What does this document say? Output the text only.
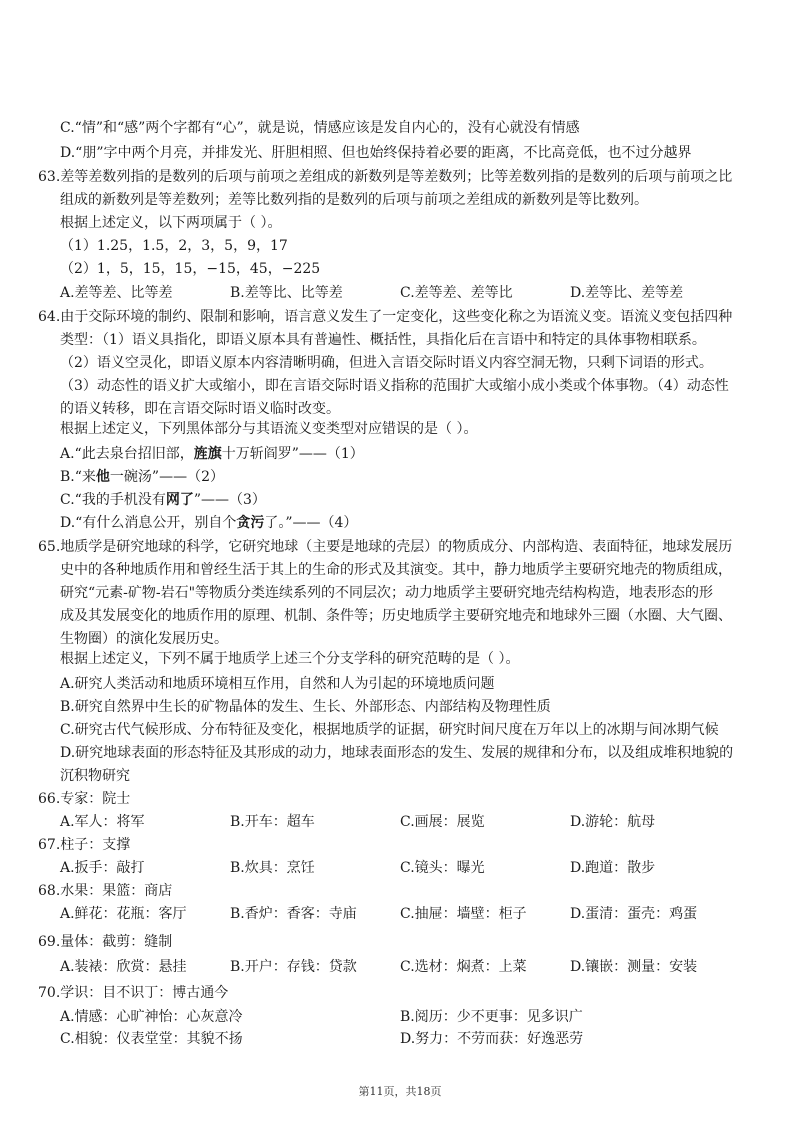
C.“情”和“感”两个字都有“心”，就是说，情感应该是发自内心的，没有心就没有情感
D.“朋”字中两个月亮，并排发光、肝胆相照、但也始终保持着必要的距离，不比高竞低，也不过分越界
63.差等差数列指的是数列的后项与前项之差组成的新数列是等差数列；比等差数列指的是数列的后项与前项之比
组成的新数列是等差数列；差等比数列指的是数列的后项与前项之差组成的新数列是等比数列。
根据上述定义，以下两项属于（ ）。
（1）1.25，1.5，2，3，5，9，17
（2）1，5，15，15，−15，45，−225
A.差等差、比等差	B.差等比、比等差	C.差等差、差等比	D.差等比、差等差
64.由于交际环境的制约、限制和影响，语言意义发生了一定变化，这些变化称之为语流义变。语流义变包括四种
类型：（1）语义具指化，即语义原本具有普遍性、概括性，具指化后在言语中和特定的具体事物相联系。
（2）语义空灵化，即语义原本内容清晰明确，但进入言语交际时语义内容空洞无物，只剩下词语的形式。
（3）动态性的语义扩大或缩小，即在言语交际时语义指称的范围扩大或缩小成小类或个体事物。（4）动态性
的语义转移，即在言语交际时语义临时改变。
根据上述定义，下列黑体部分与其语流义变类型对应错误的是（ ）。
A.“此去泉台招旧部，旌旗十万斩阎罗”——（1）
B.“来他一碗汤”——（2）
C.“我的手机没有网了”——（3）
D.“有什么消息公开，别自个贪污了。”——（4）
65.地质学是研究地球的科学，它研究地球（主要是地球的壳层）的物质成分、内部构造、表面特征，地球发展历
史中的各种地质作用和曾经生活于其上的生命的形式及其演变。其中，静力地质学主要研究地壳的物质组成，
研究“元素-矿物-岩石"等物质分类连续系列的不同层次；动力地质学主要研究地壳结构构造，地表形态的形
成及其发展变化的地质作用的原理、机制、条件等；历史地质学主要研究地壳和地球外三圈（水圈、大气圈、
生物圈）的演化发展历史。
根据上述定义，下列不属于地质学上述三个分支学科的研究范畴的是（ ）。
A.研究人类活动和地质环境相互作用，自然和人为引起的环境地质问题
B.研究自然界中生长的矿物晶体的发生、生长、外部形态、内部结构及物理性质
C.研究古代气候形成、分布特征及变化，根据地质学的证据，研究时间尺度在万年以上的冰期与间冰期气候
D.研究地球表面的形态特征及其形成的动力，地球表面形态的发生、发展的规律和分布，以及组成堆积地貌的
沉积物研究
66.专家：院士
A.军人：将军	B.开车：超车	C.画展：展览	D.游轮：航母
67.柱子：支撑
A.扳手：敲打	B.炊具：烹饪	C.镜头：曝光	D.跑道：散步
68.水果：果篮：商店
A.鲜花：花瓶：客厅	B.香炉：香客：寺庙	C.抽屉：墙壁：柜子	D.蛋清：蛋壳：鸡蛋
69.量体：截剪：缝制
A.装裱：欣赏：悬挂	B.开户：存钱：贷款	C.选材：焖煮：上菜	D.镶嵌：测量：安装
70.学识：目不识丁：博古通今
A.情感：心旷神怡：心灰意冷	B.阅历：少不更事：见多识广
C.相貌：仪表堂堂：其貌不扬	D.努力：不劳而获：好逸恶劳
第11页，共18页
